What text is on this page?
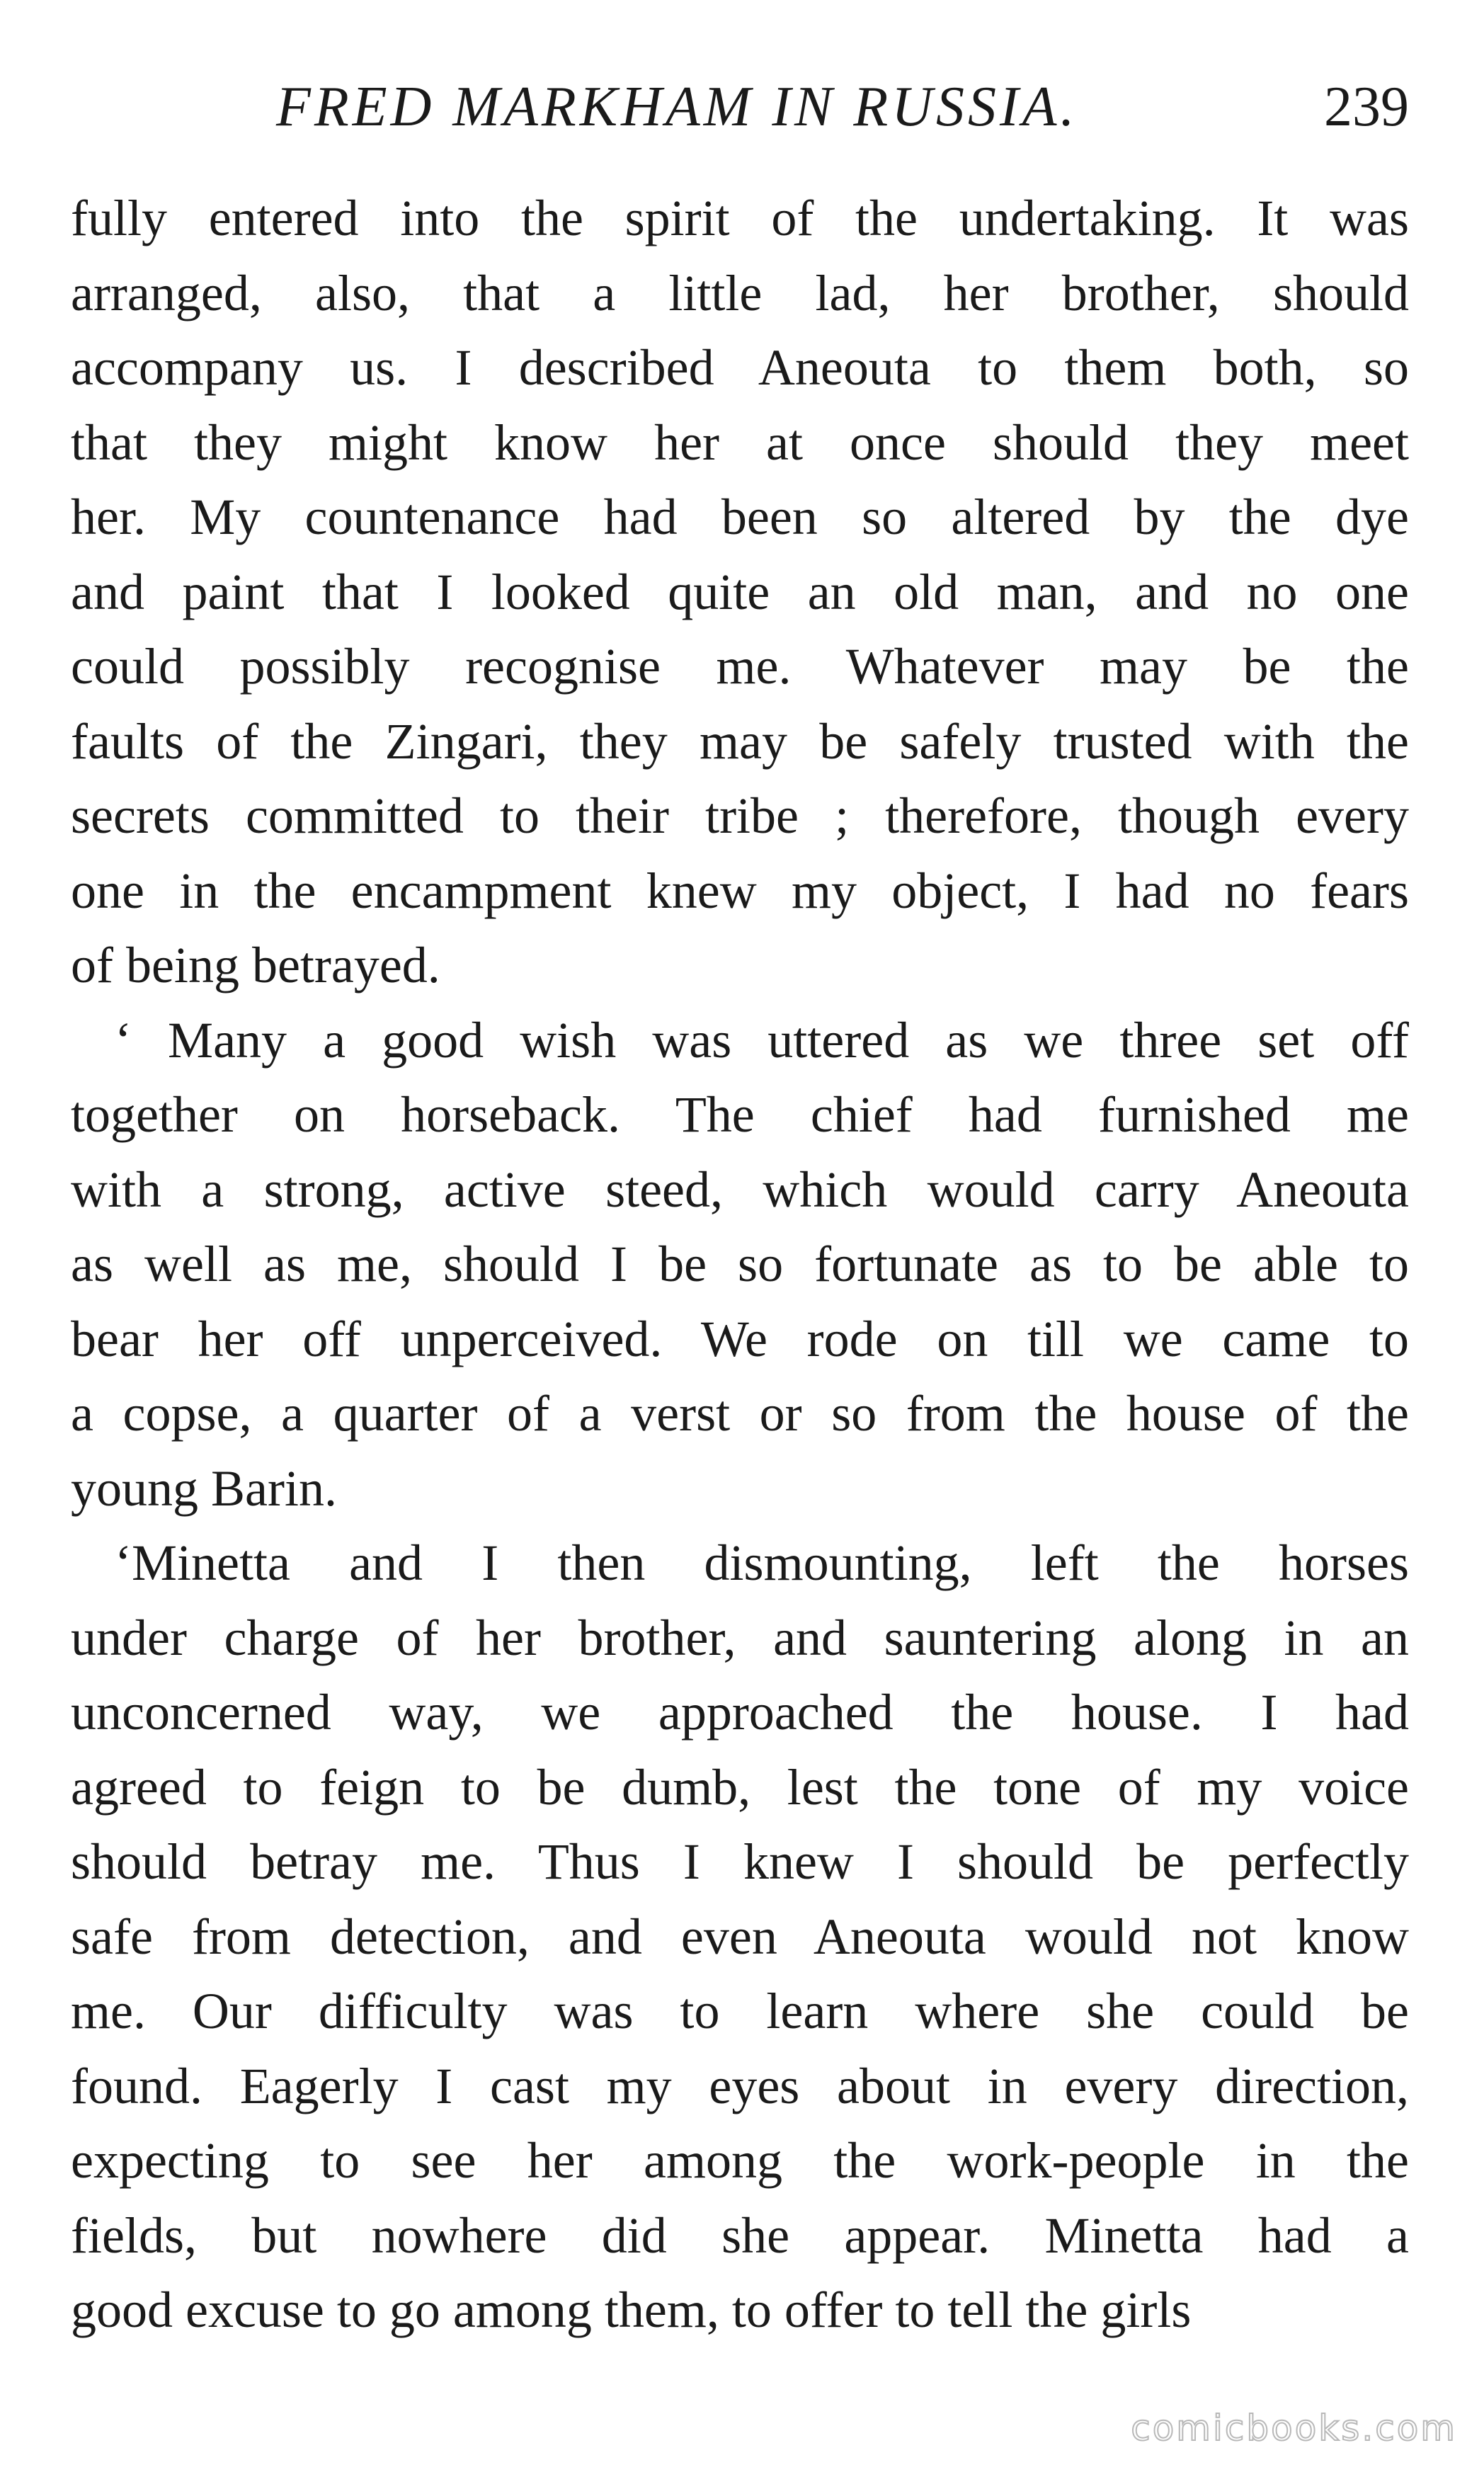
FRED MARKHAM IN RUSSIA.	239
fully entered into the spirit of the undertaking. It was
arranged, also, that a little lad, her brother, should
accompany us. I described Aneouta to them both, so
that they might know her at once should they meet
her. My countenance had been so altered by the dye
and paint that I looked quite an old man, and no one
could possibly recognise me. Whatever may be the
faults of the Zingari, they may be safely trusted with the
secrets committed to their tribe ; therefore, though every
one in the encampment knew my object, I had no fears
of being betrayed.
‘ Many a good wish was uttered as we three set off
together on horseback. The chief had furnished me
with a strong, active steed, which would carry Aneouta
as well as me, should I be so fortunate as to be able to
bear her off unperceived. We rode on till we came to
a copse, a quarter of a verst or so from the house of the
young Barin.
‘Minetta and I then dismounting, left the horses
under charge of her brother, and sauntering along in an
unconcerned way, we approached the house. I had
agreed to feign to be dumb, lest the tone of my voice
should betray me. Thus I knew I should be perfectly
safe from detection, and even Aneouta would not know
me. Our difficulty was to learn where she could be
found. Eagerly I cast my eyes about in every direction,
expecting to see her among the work-people in the
fields, but nowhere did she appear. Minetta had a
good excuse to go among them, to offer to tell the girls
comicbooks.com
